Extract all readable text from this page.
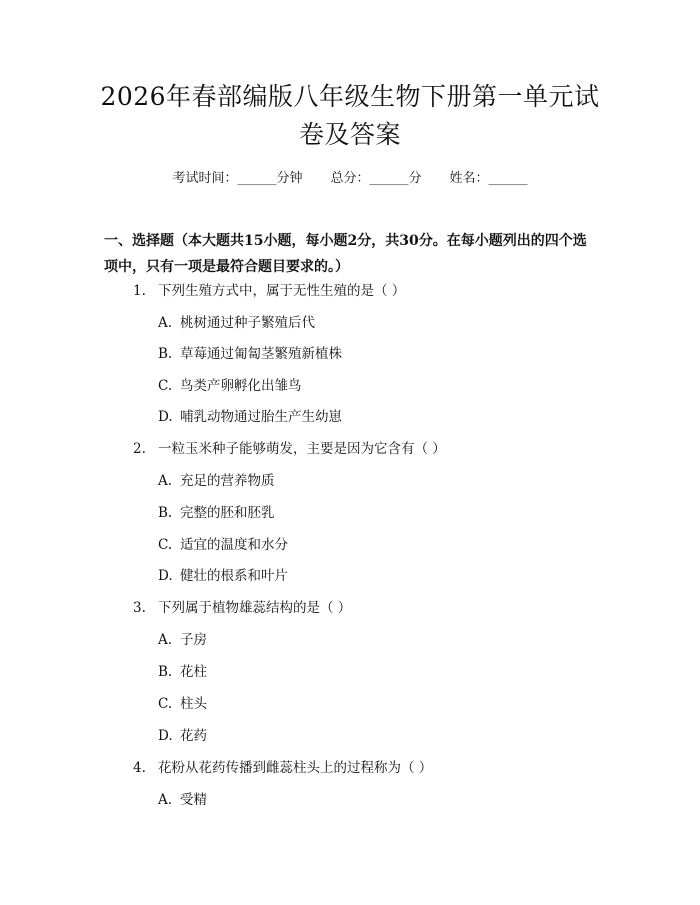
2026年春部编版八年级生物下册第一单元试
卷及答案
考试时间：______分钟 总分：______分 姓名：______
一、选择题（本大题共15小题，每小题2分，共30分。在每小题列出的四个选
项中，只有一项是最符合题目要求的。）
1. 下列生殖方式中，属于无性生殖的是（ ）
A. 桃树通过种子繁殖后代
B. 草莓通过匍匐茎繁殖新植株
C. 鸟类产卵孵化出雏鸟
D. 哺乳动物通过胎生产生幼崽
2. 一粒玉米种子能够萌发，主要是因为它含有（ ）
A. 充足的营养物质
B. 完整的胚和胚乳
C. 适宜的温度和水分
D. 健壮的根系和叶片
3. 下列属于植物雄蕊结构的是（ ）
A. 子房
B. 花柱
C. 柱头
D. 花药
4. 花粉从花药传播到雌蕊柱头上的过程称为（ ）
A. 受精
